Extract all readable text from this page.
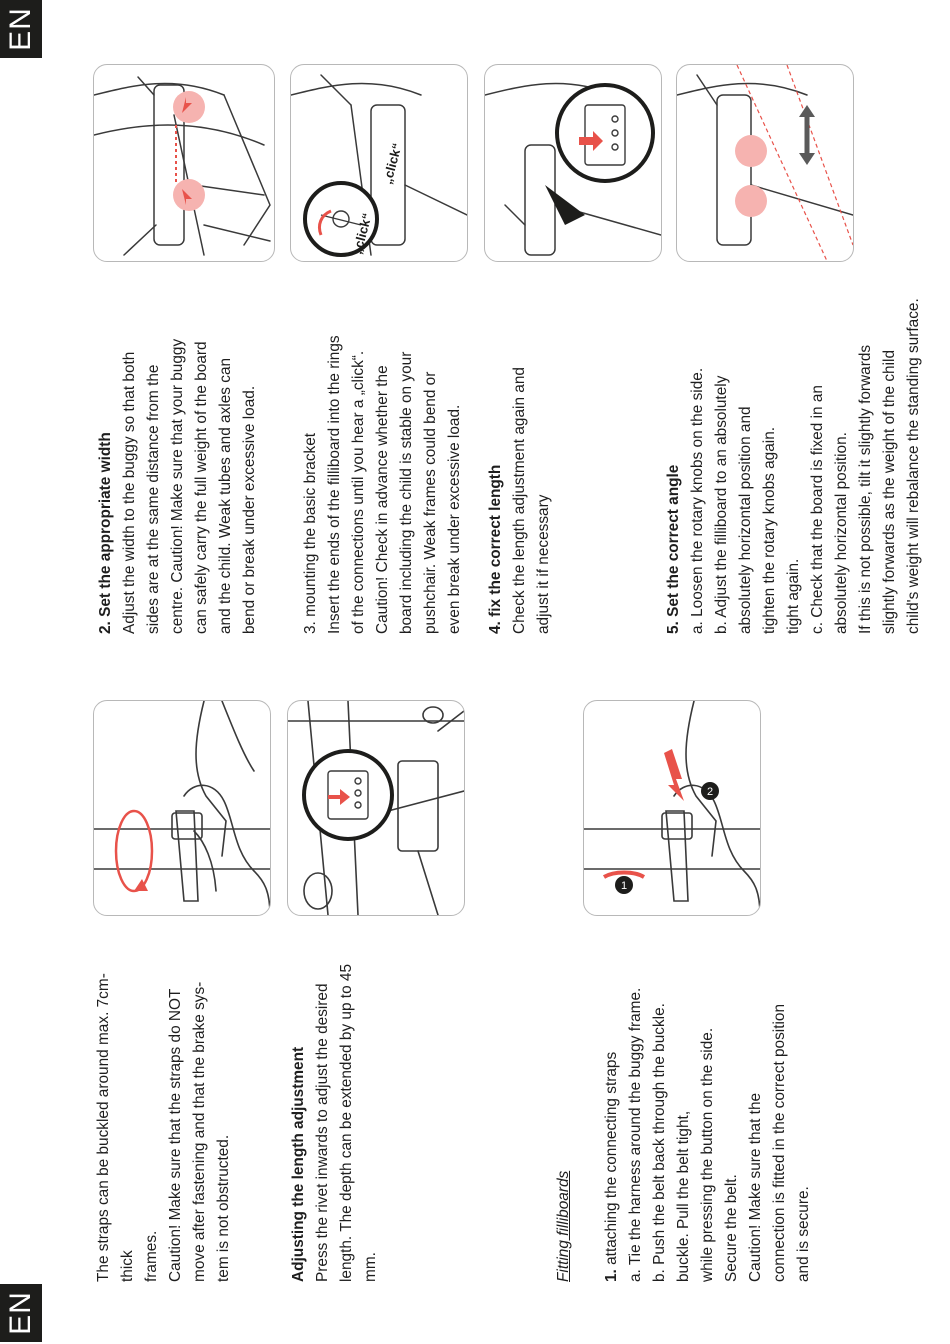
EN
EN

The straps can be buckled around max. 7cm- thick frames. Caution! Make sure that the straps do NOT move after fastening and that the brake sys- tem is not obstructed.	Adjusting the length adjustment Press the rivet inwards to adjust the desired length. The depth can be extended by up to 45 mm.	Fitting filliboards 1. attaching the connecting straps a. Tie the harness around the buggy frame. b. Push the belt back through the buckle. buckle. Pull the belt tight, while pressing the button on the side. Secure the belt. Caution! Make sure that the connection is fitted in the correct position and is secure.

2. Set the appropriate width Adjust the width to the buggy so that both sides are at the same distance from the centre. Caution! Make sure that your buggy can safely carry the full weight of the board and the child. Weak tubes and axles can bend or break under excessive load.	3. mounting the basic bracket Insert the ends of the filliboard into the rings of the connections until you hear a „click“. Caution! Check in advance whether the board including the child is stable on your pushchair. Weak frames could bend or even break under excessive load. 4. fix the correct length Check the length adjustment again and adjust it if necessary	5. Set the correct angle a. Loosen the rotary knobs on the side. b. Adjust the filliboard to an absolutely absolutely horizontal position and tighten the rotary knobs again. tight again. c. Check that the board is fixed in an absolutely horizontal position. If this is not possible, tilt it slightly forwards slightly forwards as the weight of the child child's weight will rebalance the standing surface.

1
2
„click“
„click“
